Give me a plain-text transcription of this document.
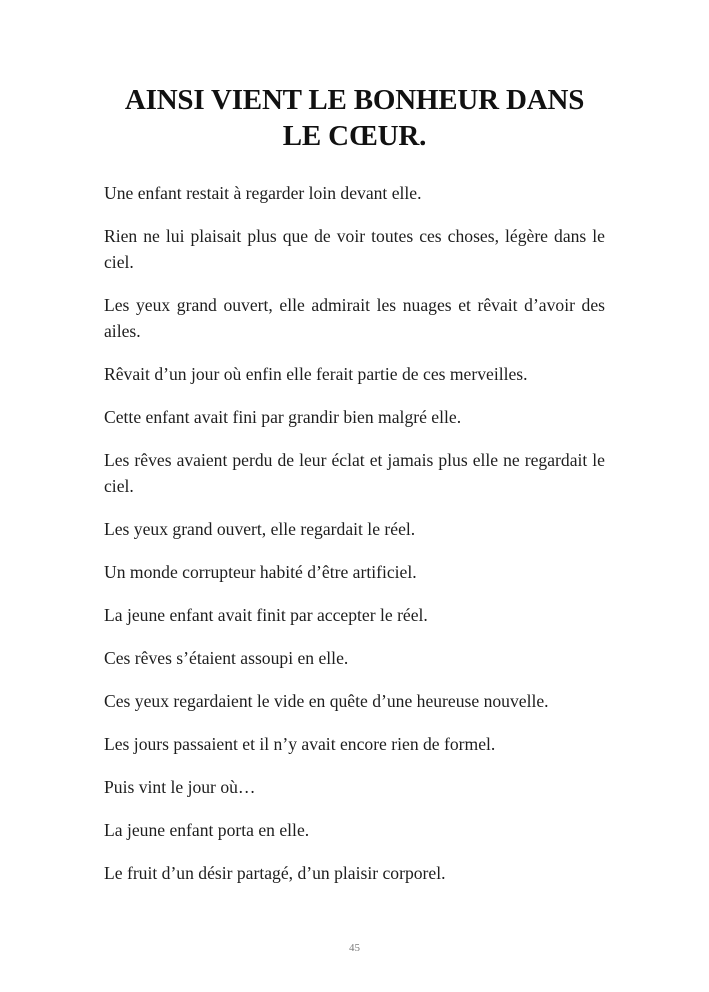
AINSI VIENT LE BONHEUR DANS
LE CŒUR.

Une enfant restait à regarder loin devant elle.

Rien ne lui plaisait plus que de voir toutes ces choses, légère dans le ciel.

Les yeux grand ouvert, elle admirait les nuages et rêvait d’avoir des ailes.

Rêvait d’un jour où enfin elle ferait partie de ces merveilles.

Cette enfant avait fini par grandir bien malgré elle.

Les rêves avaient perdu de leur éclat et jamais plus elle ne regardait le ciel.

Les yeux grand ouvert, elle regardait le réel.

Un monde corrupteur habité d’être artificiel.

La jeune enfant avait finit par accepter le réel.

Ces rêves s’étaient assoupi en elle.

Ces yeux regardaient le vide en quête d’une heureuse nouvelle.

Les jours passaient et il n’y avait encore rien de formel.

Puis vint le jour où…

La jeune enfant porta en elle.

Le fruit d’un désir partagé, d’un plaisir corporel.

45
